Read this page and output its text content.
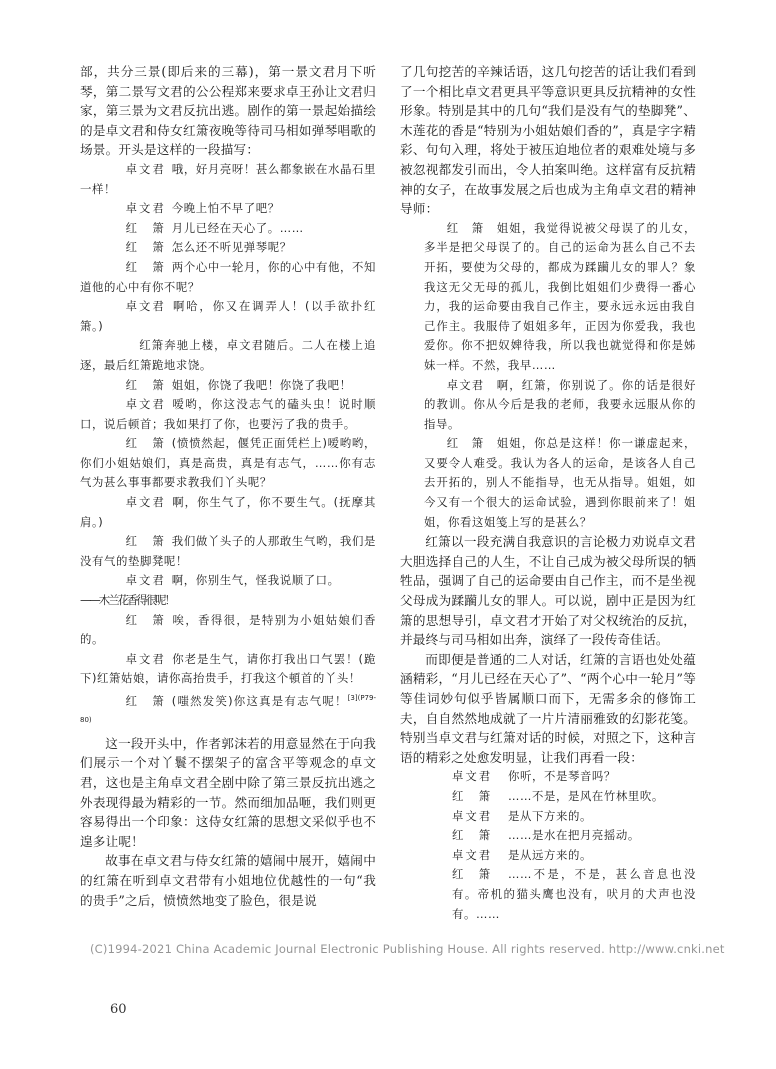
部，共分三景(即后来的三幕)，第一景文君月下听琴，第二景写文君的公公程郑来要求卓王孙让文君归家，第三景为文君反抗出逃。剧作的第一景起始描绘的是卓文君和侍女红箫夜晚等待司马相如弹琴唱歌的场景。开头是这样的一段描写：

卓文君 哦，好月亮呀！甚么都象嵌在水晶石里一样！

卓文君 今晚上怕不早了吧？

红　箫 月儿已经在天心了。……

红　箫 怎么还不听见弹琴呢？

红　箫 两个心中一轮月，你的心中有他，不知道他的心中有你不呢？

卓文君 啊哈，你又在调弄人！(以手欲扑红箫。)

红箫奔驰上楼，卓文君随后。二人在楼上追逐，最后红箫跪地求饶。

红　箫 姐姐，你饶了我吧！你饶了我吧！

卓文君 嗳哟，你这没志气的磕头虫！说时顺口，说后顿首；我如果打了你，也要污了我的贵手。

红　箫 (愤愤然起，偃凭正面凭栏上)嗳哟哟，你们小姐姑娘们，真是高贵，真是有志气，……你有志气为甚么事事都要求教我们丫头呢？

卓文君 啊，你生气了，你不要生气。(抚摩其肩。)

红　箫 我们做丫头子的人那敢生气哟，我们是没有气的垫脚凳呢！

卓文君 啊，你别生气，怪我说顺了口。

——木兰花香得很呢！

红　箫 唉，香得很，是特别为小姐姑娘们香的。

卓文君 你老是生气，请你打我出口气罢！(跪下)红箫姑娘，请你高抬贵手，打我这个頓首的丫头！

红　箫 (嗤然发笑)你这真是有志气呢！$^{[3](P79-80)}$

这一段开头中，作者郭沫若的用意显然在于向我们展示一个对丫鬟不摆架子的富含平等观念的卓文君，这也是主角卓文君全剧中除了第三景反抗出逃之外表现得最为精彩的一节。然而细加品咂，我们则更容易得出一个印象：这侍女红箫的思想文采似乎也不遑多让呢！

故事在卓文君与侍女红箫的嬉闹中展开，嬉闹中的红箫在听到卓文君带有小姐地位优越性的一句“我的贵手”之后，愤愤然地变了脸色，很是说

了几句挖苦的辛辣话语，这几句挖苦的话让我们看到了一个相比卓文君更具平等意识更具反抗精神的女性形象。特别是其中的几句“我们是没有气的垫脚凳”、木莲花的香是“特别为小姐姑娘们香的”，真是字字精彩、句句入理，将处于被压迫地位者的艰难处境与多被忽视都发引而出，令人拍案叫绝。这样富有反抗精神的女子，在故事发展之后也成为主角卓文君的精神导师：

红　箫　姐姐，我觉得说被父母误了的儿女，多半是把父母误了的。自己的运命为甚么自己不去开拓，要使为父母的，都成为蹂躏儿女的罪人？象我这无父无母的孤儿，我倒比姐姐们少费得一番心力，我的运命要由我自己作主，要永远永远由我自己作主。我服侍了姐姐多年，正因为你爱我，我也爱你。你不把奴婢待我，所以我也就觉得和你是姊妹一样。不然，我早……

卓文君　啊，红箫，你别说了。你的话是很好的教训。你从今后是我的老师，我要永远服从你的指导。

红　箫　姐姐，你总是这样！你一谦虚起来，又要令人难受。我认为各人的运命，是该各人自己去开拓的，别人不能指导，也无从指导。姐姐，如今又有一个很大的运命试验，遇到你眼前来了！姐姐，你看这姐笺上写的是甚么？

红箫以一段充满自我意识的言论极力劝说卓文君大胆选择自己的人生，不让自己成为被父母所误的牺牲品，强调了自己的运命要由自己作主，而不是坐视父母成为蹂躏儿女的罪人。可以说，剧中正是因为红箫的思想导引，卓文君才开始了对父权统治的反抗，并最终与司马相如出奔，演绎了一段传奇佳话。

而即便是普通的二人对话，红箫的言语也处处蕴涵精彩，“月儿已经在天心了”、“两个心中一轮月”等等佳词妙句似乎皆属顺口而下，无需多余的修饰工夫，自自然然地成就了一片片清丽雅致的幻影花笺。特别当卓文君与红箫对话的时候，对照之下，这种言语的精彩之处愈发明显，让我们再看一段：

卓文君 你听，不是琴音吗？

红　箫 ……不是，是风在竹林里吹。

卓文君 是从下方来的。

红　箫 ……是水在把月亮摇动。

卓文君 是从远方来的。

红　箫 ……不是，不是，甚么音息也没有。帝机的猫头鹰也没有，吠月的犬声也没有。……

(C)1994-2021 China Academic Journal Electronic Publishing House. All rights reserved. http://www.cnki.net
60
